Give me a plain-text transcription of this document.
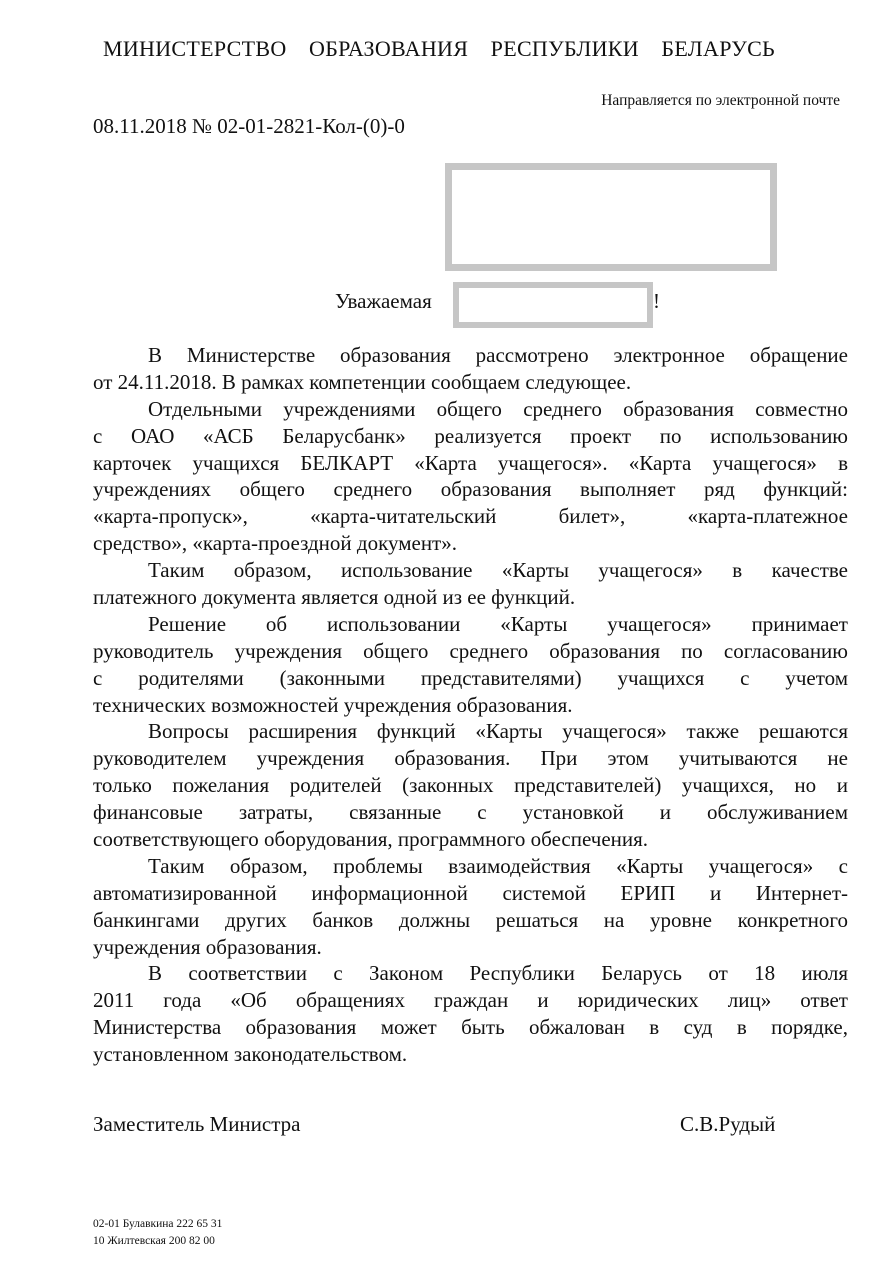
МИНИСТЕРСТВО ОБРАЗОВАНИЯ РЕСПУБЛИКИ БЕЛАРУСЬ
Направляется по электронной почте
08.11.2018 № 02-01-2821-Кол-(0)-0
Уважаемая	!
В Министерстве образования рассмотрено электронное обращение
от 24.11.2018. В рамках компетенции сообщаем следующее.
Отдельными учреждениями общего среднего образования совместно
с ОАО «АСБ Беларусбанк» реализуется проект по использованию
карточек учащихся БЕЛКАРТ «Карта учащегося». «Карта учащегося» в
учреждениях общего среднего образования выполняет ряд функций:
«карта-пропуск», «карта-читательский билет», «карта-платежное
средство», «карта-проездной документ».
Таким образом, использование «Карты учащегося» в качестве
платежного документа является одной из ее функций.
Решение об использовании «Карты учащегося» принимает
руководитель учреждения общего среднего образования по согласованию
с родителями (законными представителями) учащихся с учетом
технических возможностей учреждения образования.
Вопросы расширения функций «Карты учащегося» также решаются
руководителем учреждения образования. При этом учитываются не
только пожелания родителей (законных представителей) учащихся, но и
финансовые затраты, связанные с установкой и обслуживанием
соответствующего оборудования, программного обеспечения.
Таким образом, проблемы взаимодействия «Карты учащегося» с
автоматизированной информационной системой ЕРИП и Интернет-
банкингами других банков должны решаться на уровне конкретного
учреждения образования.
В соответствии с Законом Республики Беларусь от 18 июля
2011 года «Об обращениях граждан и юридических лиц» ответ
Министерства образования может быть обжалован в суд в порядке,
установленном законодательством.
Заместитель Министра	С.В.Рудый
02-01 Булавкина 222 65 31
10 Жилтевская 200 82 00
